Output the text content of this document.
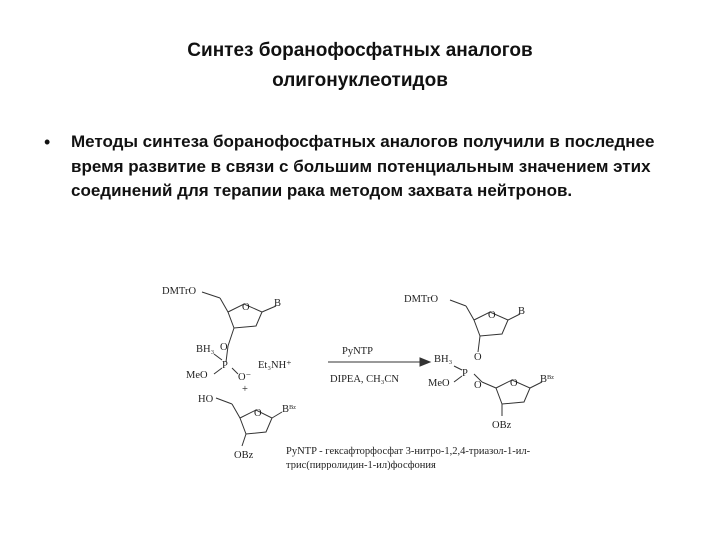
Синтез боранофосфатных аналогов
олигонуклеотидов
• Методы синтеза боранофосфатных аналогов получили в последнее время развитие в связи с большим потенциальным значением этих соединений для терапии рака методом захвата нейтронов.
DMTrO
O B
O
BH₃
P
MeO	O⁻
Et₃NH⁺
+
HO
O Bᴮᶻ
OBz
PyNTP
DIPEA, CH₃CN
DMTrO
O B
O
BH₃
P
MeO O	O Bᴮᶻ
OBz
PyNTP - гексафторфосфат 3-нитро-1,2,4-триазол-1-ил-
трис(пирролидин-1-ил)фосфония
